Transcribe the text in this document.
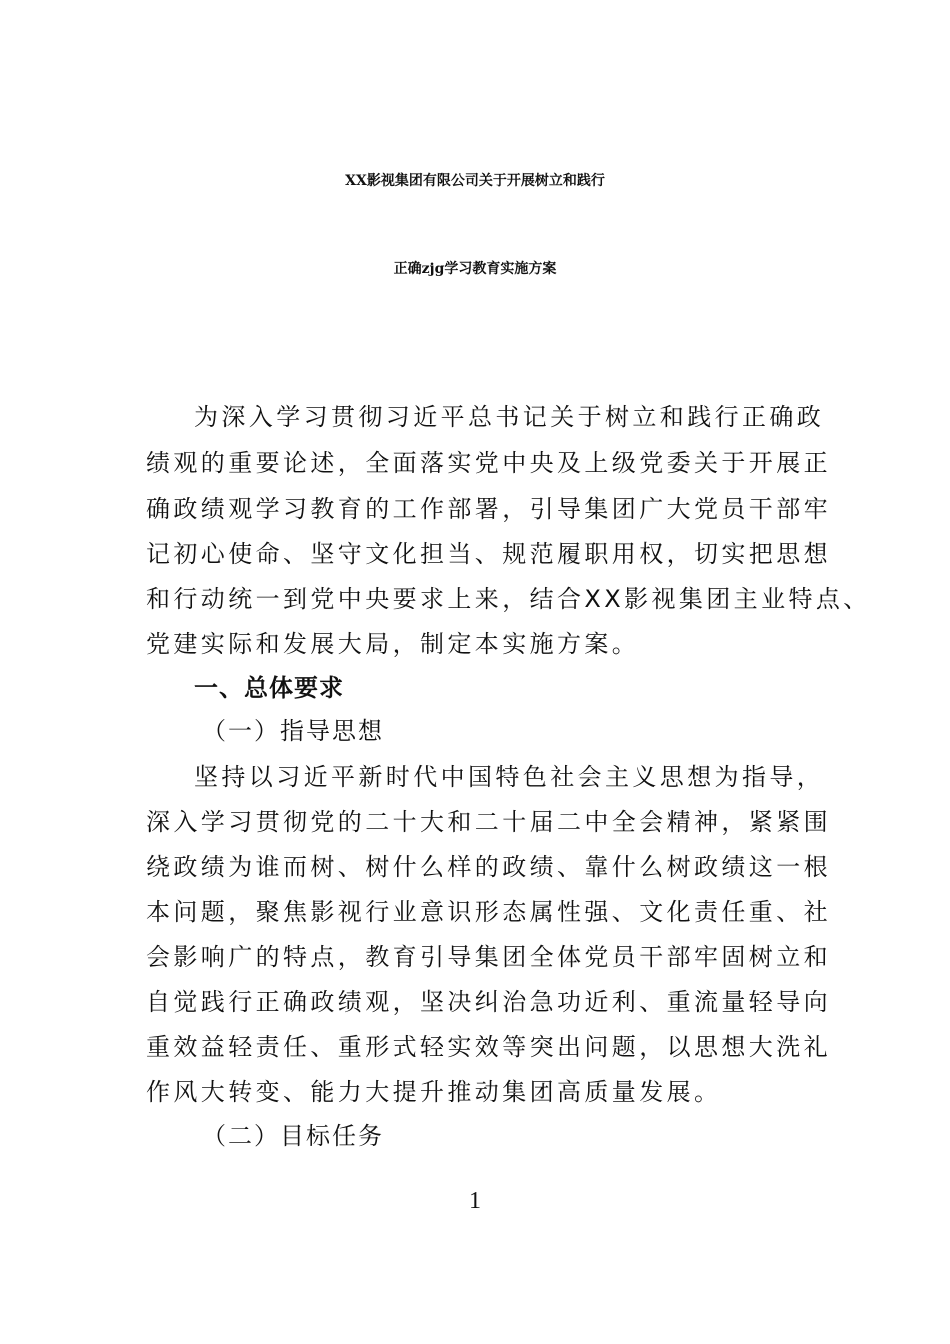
XX影视集团有限公司关于开展树立和践行
正确zjg学习教育实施方案
为深入学习贯彻习近平总书记关于树立和践行正确政
绩观的重要论述，全面落实党中央及上级党委关于开展正
确政绩观学习教育的工作部署，引导集团广大党员干部牢
记初心使命、坚守文化担当、规范履职用权，切实把思想
和行动统一到党中央要求上来，结合XX影视集团主业特点、
党建实际和发展大局，制定本实施方案。
一、总体要求
（一）指导思想
坚持以习近平新时代中国特色社会主义思想为指导，
深入学习贯彻党的二十大和二十届二中全会精神，紧紧围
绕政绩为谁而树、树什么样的政绩、靠什么树政绩这一根
本问题，聚焦影视行业意识形态属性强、文化责任重、社
会影响广的特点，教育引导集团全体党员干部牢固树立和
自觉践行正确政绩观，坚决纠治急功近利、重流量轻导向
重效益轻责任、重形式轻实效等突出问题，以思想大洗礼
作风大转变、能力大提升推动集团高质量发展。
（二）目标任务
1
